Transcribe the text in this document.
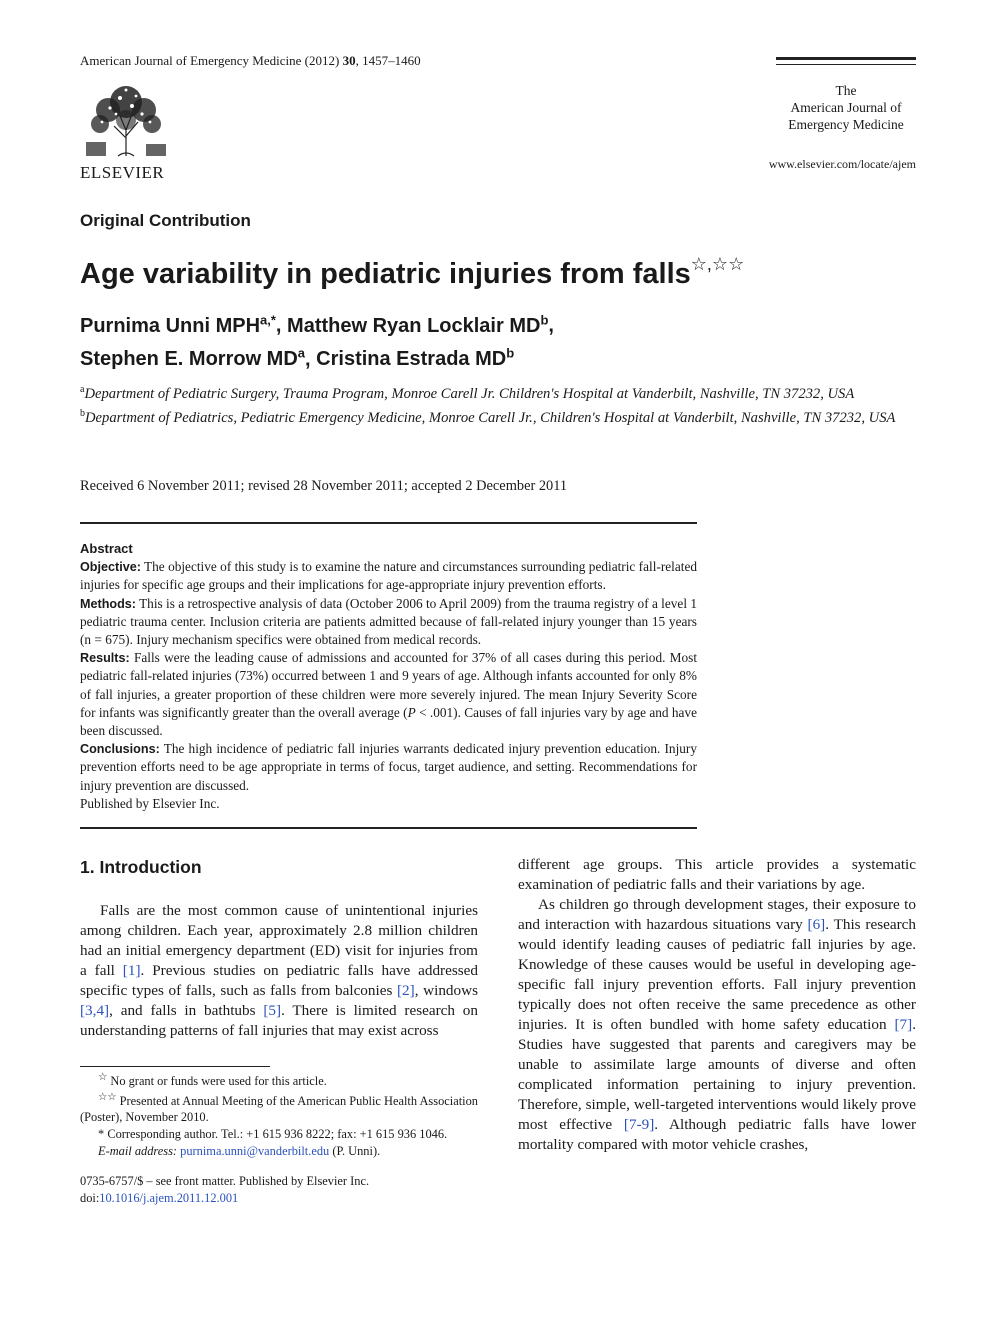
American Journal of Emergency Medicine (2012) 30, 1457–1460
ELSEVIER
The
American Journal of
Emergency Medicine
www.elsevier.com/locate/ajem
Original Contribution
Age variability in pediatric injuries from falls☆,☆☆
Purnima Unni $MPH^{a,*}$, Matthew Ryan Locklair $MD^b$,
Stephen E. Morrow $MD^a$, Cristina Estrada $MD^b$
$^a$Department of Pediatric Surgery, Trauma Program, Monroe Carell Jr. Children's Hospital at Vanderbilt, Nashville, TN 37232, USA
$^b$Department of Pediatrics, Pediatric Emergency Medicine, Monroe Carell Jr., Children's Hospital at Vanderbilt, Nashville, TN 37232, USA
Received 6 November 2011; revised 28 November 2011; accepted 2 December 2011
Abstract
Objective: The objective of this study is to examine the nature and circumstances surrounding pediatric fall-related injuries for specific age groups and their implications for age-appropriate injury prevention efforts.
Methods: This is a retrospective analysis of data (October 2006 to April 2009) from the trauma registry of a level 1 pediatric trauma center. Inclusion criteria are patients admitted because of fall-related injury younger than 15 years (n = 675). Injury mechanism specifics were obtained from medical records.
Results: Falls were the leading cause of admissions and accounted for 37% of all cases during this period. Most pediatric fall-related injuries (73%) occurred between 1 and 9 years of age. Although infants accounted for only 8% of fall injuries, a greater proportion of these children were more severely injured. The mean Injury Severity Score for infants was significantly greater than the overall average (P < .001). Causes of fall injuries vary by age and have been discussed.
Conclusions: The high incidence of pediatric fall injuries warrants dedicated injury prevention education. Injury prevention efforts need to be age appropriate in terms of focus, target audience, and setting. Recommendations for injury prevention are discussed.
Published by Elsevier Inc.
1. Introduction

Falls are the most common cause of unintentional injuries among children. Each year, approximately 2.8 million children had an initial emergency department (ED) visit for injuries from a fall [1]. Previous studies on pediatric falls have addressed specific types of falls, such as falls from balconies [2], windows [3,4], and falls in bathtubs [5]. There is limited research on understanding patterns of fall injuries that may exist across

different age groups. This article provides a systematic examination of pediatric falls and their variations by age.

As children go through development stages, their exposure to and interaction with hazardous situations vary [6]. This research would identify leading causes of pediatric fall injuries by age. Knowledge of these causes would be useful in developing age-specific fall injury prevention efforts. Fall injury prevention typically does not often receive the same precedence as other injuries. It is often bundled with home safety education [7]. Studies have suggested that parents and caregivers may be unable to assimilate large amounts of diverse and often complicated information pertaining to injury prevention. Therefore, simple, well-targeted interventions would likely prove most effective [7-9]. Although pediatric falls have lower mortality compared with motor vehicle crashes,

☆ No grant or funds were used for this article.
☆☆ Presented at Annual Meeting of the American Public Health Association (Poster), November 2010.
* Corresponding author. Tel.: +1 615 936 8222; fax: +1 615 936 1046.
E-mail address: purnima.unni@vanderbilt.edu (P. Unni).
0735-6757/$ – see front matter. Published by Elsevier Inc.
doi:10.1016/j.ajem.2011.12.001
